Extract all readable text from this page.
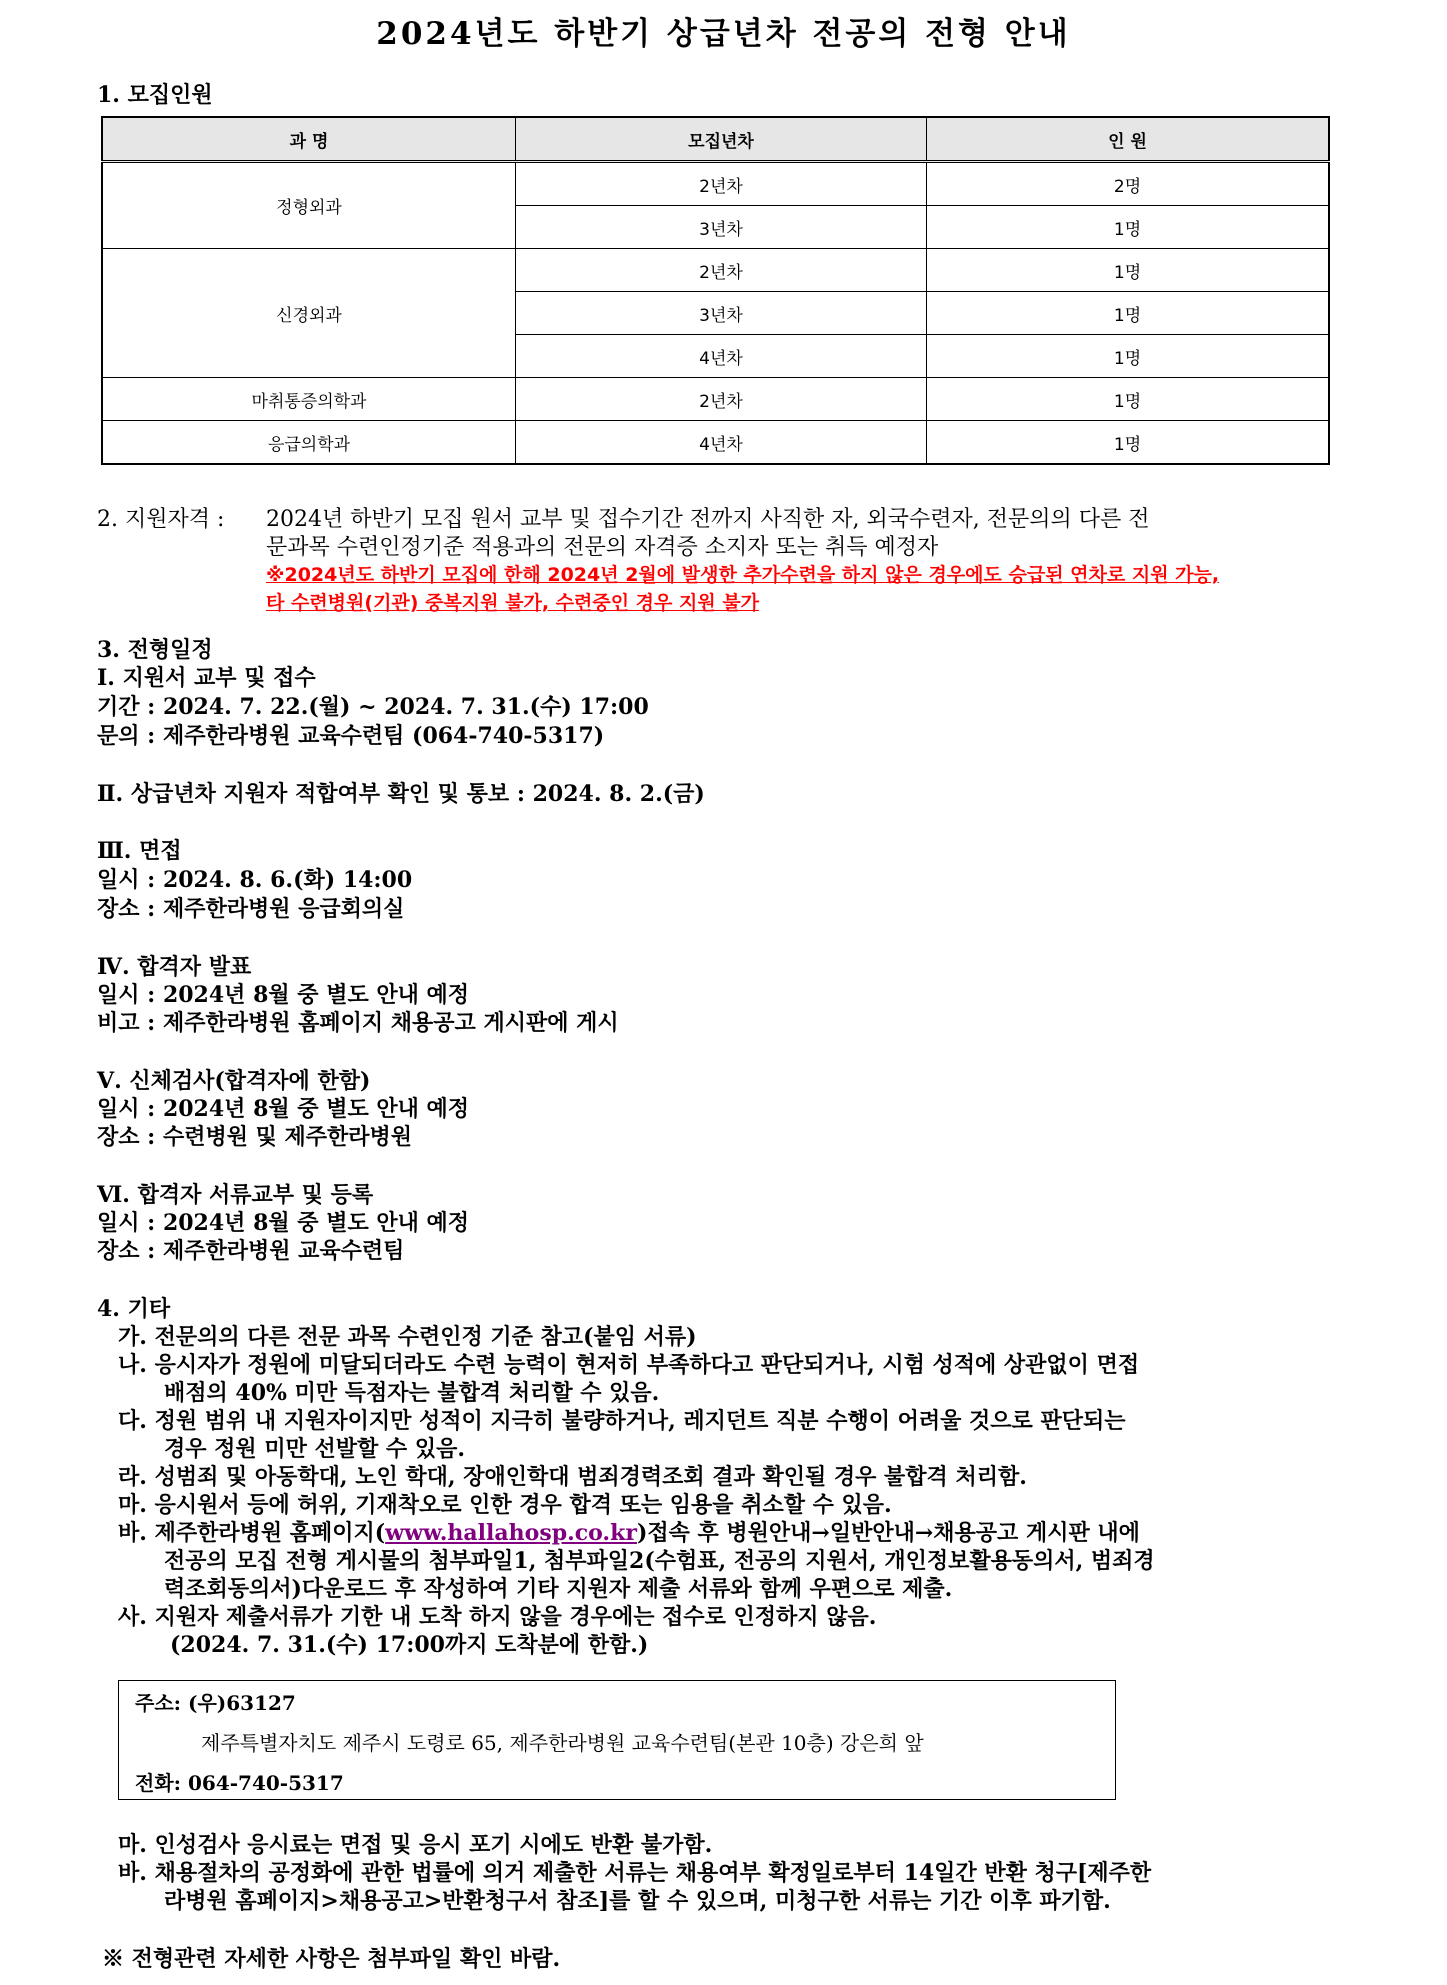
2024년도 하반기 상급년차 전공의 전형 안내
1. 모집인원
과 명	모집년차	인 원
정형외과	2년차	2명
	3년차	1명
신경외과	2년차	1명
	3년차	1명
	4년차	1명
마취통증의학과	2년차	1명
응급의학과	4년차	1명
2. 지원자격 : 2024년 하반기 모집 원서 교부 및 접수기간 전까지 사직한 자, 외국수련자, 전문의의 다른 전
문과목 수련인정기준 적용과의 전문의 자격증 소지자 또는 취득 예정자
※2024년도 하반기 모집에 한해 2024년 2월에 발생한 추가수련을 하지 않은 경우에도 승급된 연차로 지원 가능,
타 수련병원(기관) 중복지원 불가, 수련중인 경우 지원 불가
3. 전형일정
Ⅰ. 지원서 교부 및 접수
기간 : 2024. 7. 22.(월) ~ 2024. 7. 31.(수) 17:00
문의 : 제주한라병원 교육수련팀 (064-740-5317)
Ⅱ. 상급년차 지원자 적합여부 확인 및 통보 : 2024. 8. 2.(금)
Ⅲ. 면접
일시 : 2024. 8. 6.(화) 14:00
장소 : 제주한라병원 응급회의실
Ⅳ. 합격자 발표
일시 : 2024년 8월 중 별도 안내 예정
비고 : 제주한라병원 홈페이지 채용공고 게시판에 게시
Ⅴ. 신체검사(합격자에 한함)
일시 : 2024년 8월 중 별도 안내 예정
장소 : 수련병원 및 제주한라병원
Ⅵ. 합격자 서류교부 및 등록
일시 : 2024년 8월 중 별도 안내 예정
장소 : 제주한라병원 교육수련팀
4. 기타
가. 전문의의 다른 전문 과목 수련인정 기준 참고(붙임 서류)
나. 응시자가 정원에 미달되더라도 수련 능력이 현저히 부족하다고 판단되거나, 시험 성적에 상관없이 면접
배점의 40% 미만 득점자는 불합격 처리할 수 있음.
다. 정원 범위 내 지원자이지만 성적이 지극히 불량하거나, 레지던트 직분 수행이 어려울 것으로 판단되는
경우 정원 미만 선발할 수 있음.
라. 성범죄 및 아동학대, 노인 학대, 장애인학대 범죄경력조회 결과 확인될 경우 불합격 처리함.
마. 응시원서 등에 허위, 기재착오로 인한 경우 합격 또는 임용을 취소할 수 있음.
바. 제주한라병원 홈페이지(www.hallahosp.co.kr)접속 후 병원안내→일반안내→채용공고 게시판 내에
전공의 모집 전형 게시물의 첨부파일1, 첨부파일2(수험표, 전공의 지원서, 개인정보활용동의서, 범죄경
력조회동의서)다운로드 후 작성하여 기타 지원자 제출 서류와 함께 우편으로 제출.
사. 지원자 제출서류가 기한 내 도착 하지 않을 경우에는 접수로 인정하지 않음.
(2024. 7. 31.(수) 17:00까지 도착분에 한함.)
주소: (우)63127
제주특별자치도 제주시 도령로 65, 제주한라병원 교육수련팀(본관 10층) 강은희 앞
전화: 064-740-5317
마. 인성검사 응시료는 면접 및 응시 포기 시에도 반환 불가함.
바. 채용절차의 공정화에 관한 법률에 의거 제출한 서류는 채용여부 확정일로부터 14일간 반환 청구[제주한
라병원 홈페이지>채용공고>반환청구서 참조]를 할 수 있으며, 미청구한 서류는 기간 이후 파기함.
※ 전형관련 자세한 사항은 첨부파일 확인 바람.
